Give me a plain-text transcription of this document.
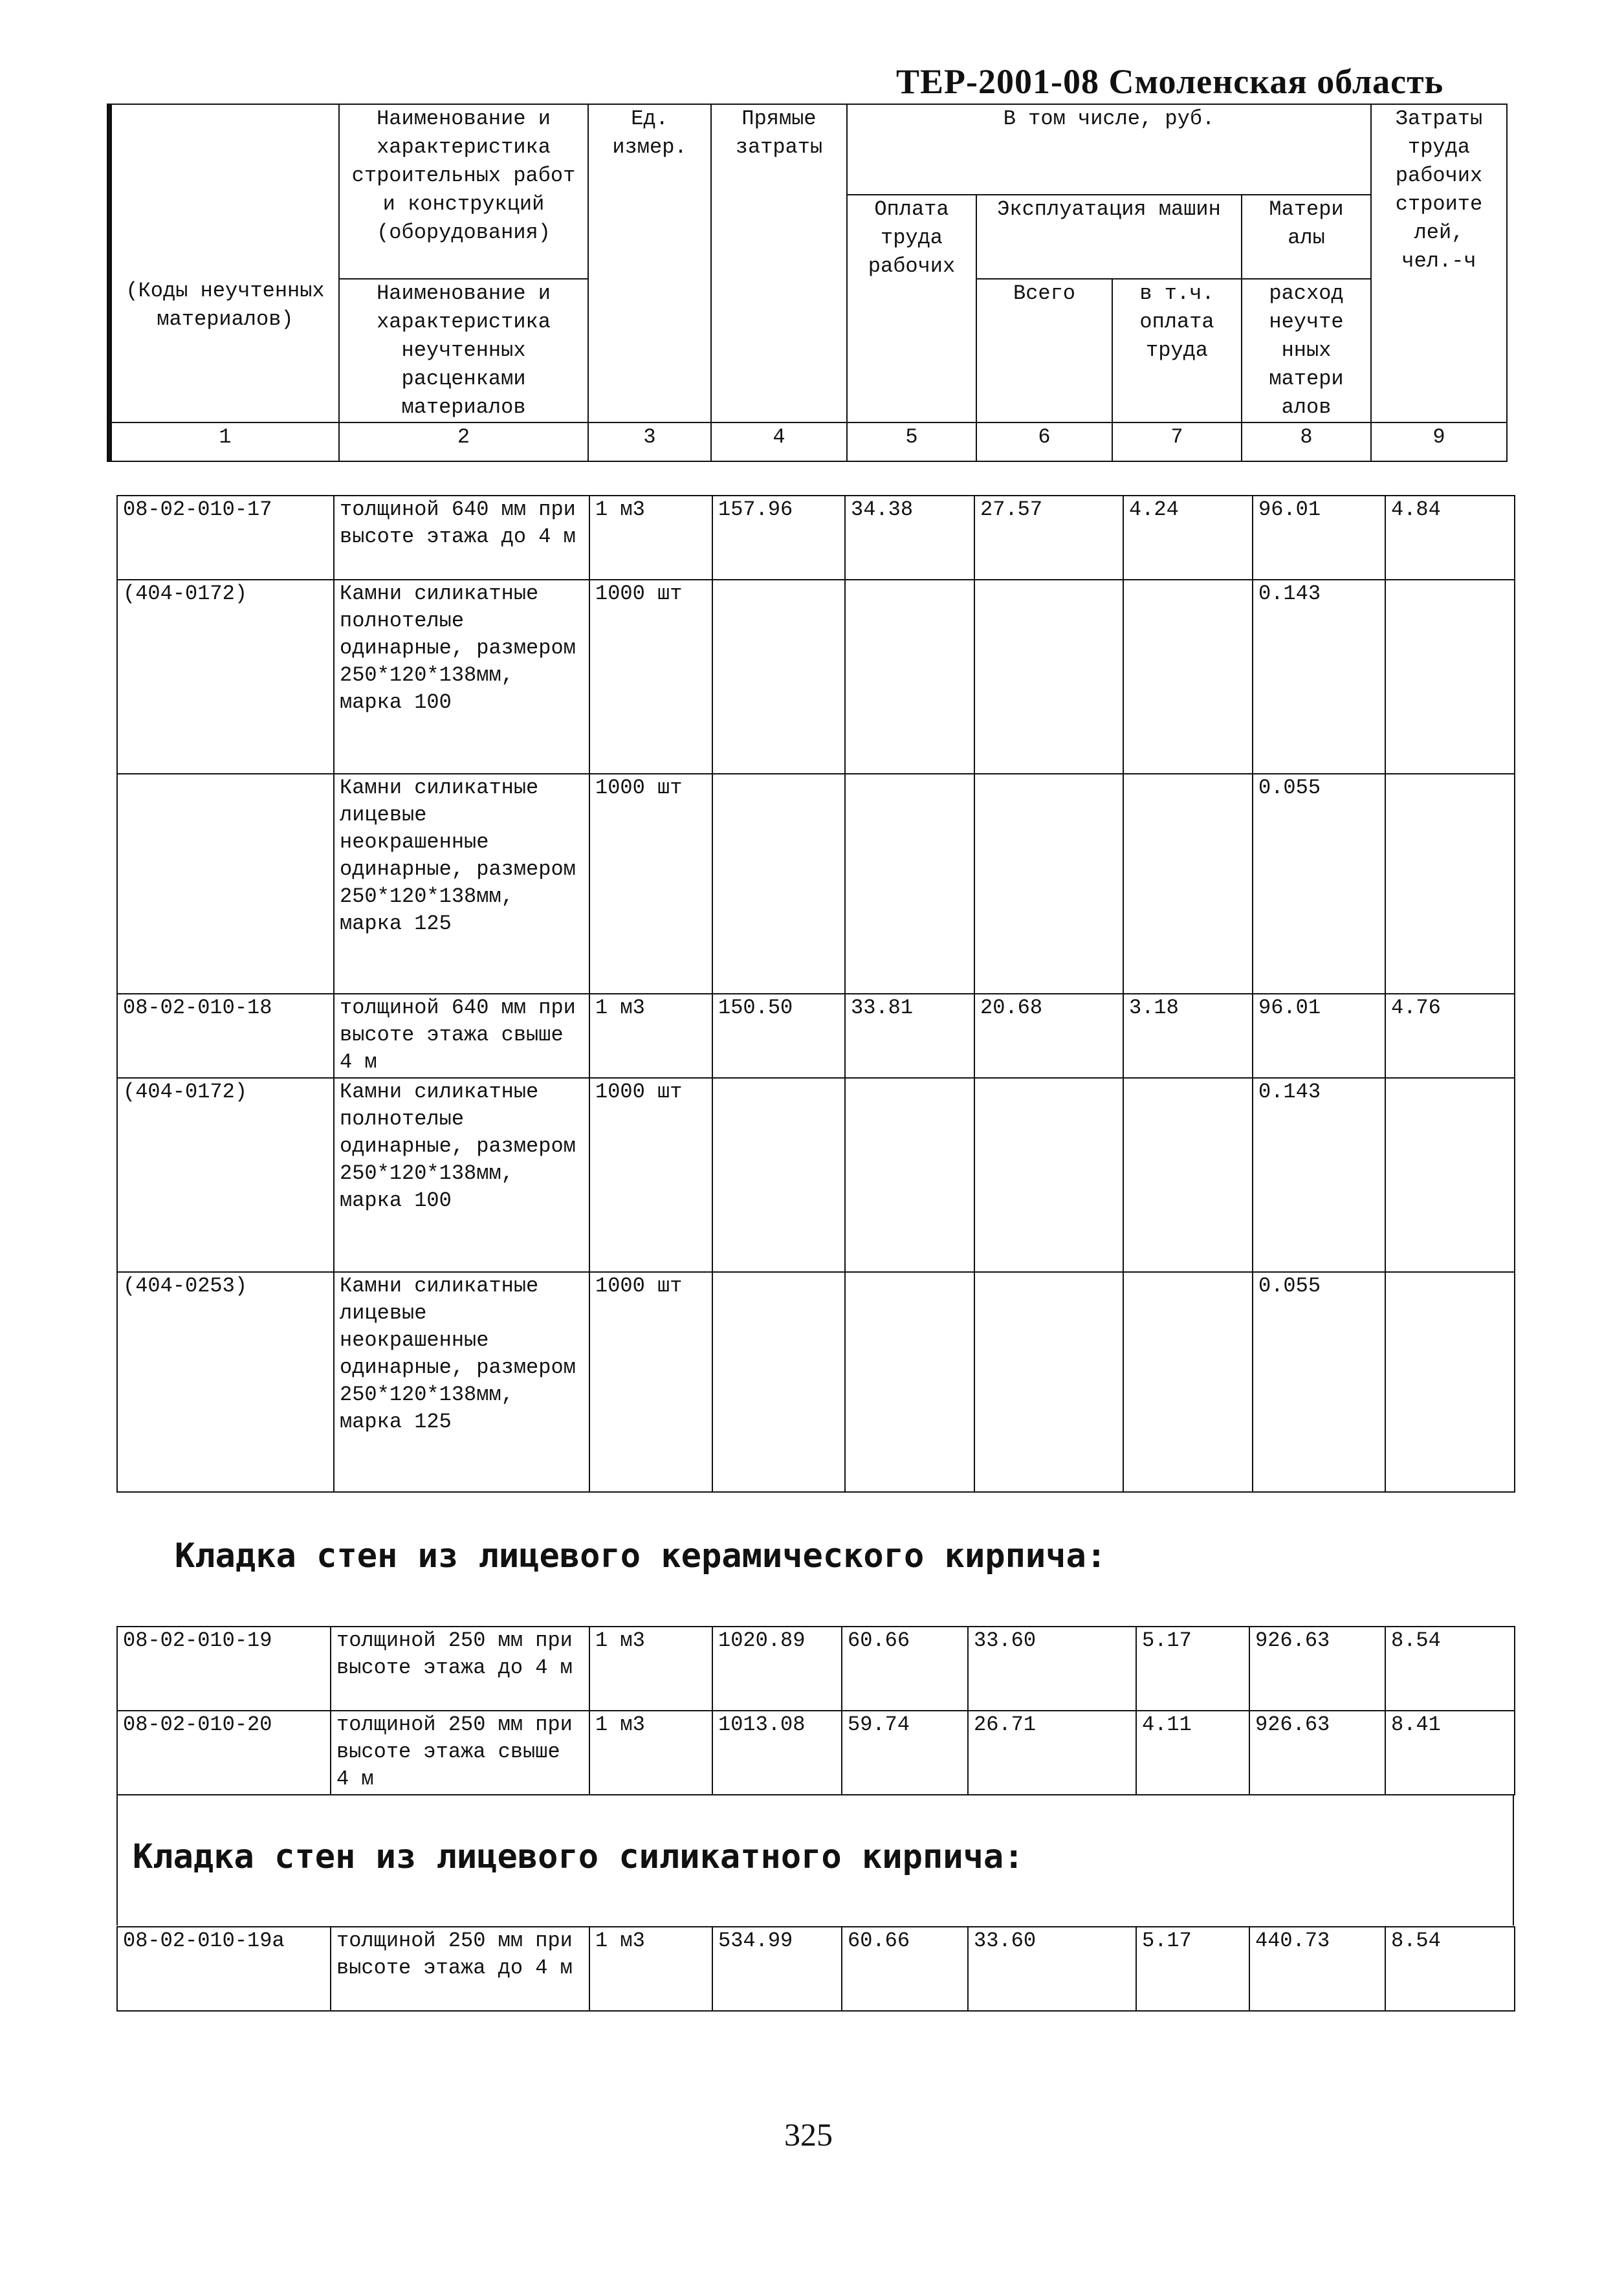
ТЕР-2001-08 Смоленская область
(Коды неучтенных материалов)	Наименование и характеристика строительных работ и конструкций (оборудования)	Ед. измер.	Прямые затраты	В том числе, руб.				Затраты труда рабочих строите лей, чел.-ч
				Оплата труда рабочих	Эксплуатация машин		Матери алы	
	Наименование и характеристика неучтенных расценками материалов				Всего	в т.ч. оплата труда	расход неучте нных матери алов	
1	2	3	4	5	6	7	8	9
08-02-010-17	толщиной 640 мм при высоте этажа до 4 м	1 м3	157.96	34.38	27.57	4.24	96.01	4.84
(404-0172)	Камни силикатные полнотелые одинарные, размером 250*120*138мм, марка 100	1000 шт					0.143	
	Камни силикатные лицевые неокрашенные одинарные, размером 250*120*138мм, марка 125	1000 шт					0.055	
08-02-010-18	толщиной 640 мм при высоте этажа свыше 4 м	1 м3	150.50	33.81	20.68	3.18	96.01	4.76
(404-0172)	Камни силикатные полнотелые одинарные, размером 250*120*138мм, марка 100	1000 шт					0.143	
(404-0253)	Камни силикатные лицевые неокрашенные одинарные, размером 250*120*138мм, марка 125	1000 шт					0.055	
Кладка стен из лицевого керамического кирпича:
08-02-010-19	толщиной 250 мм при высоте этажа до 4 м	1 м3	1020.89	60.66	33.60	5.17	926.63	8.54
08-02-010-20	толщиной 250 мм при высоте этажа свыше 4 м	1 м3	1013.08	59.74	26.71	4.11	926.63	8.41
Кладка стен из лицевого силикатного кирпича:
08-02-010-19а	толщиной 250 мм при высоте этажа до 4 м	1 м3	534.99	60.66	33.60	5.17	440.73	8.54
325
